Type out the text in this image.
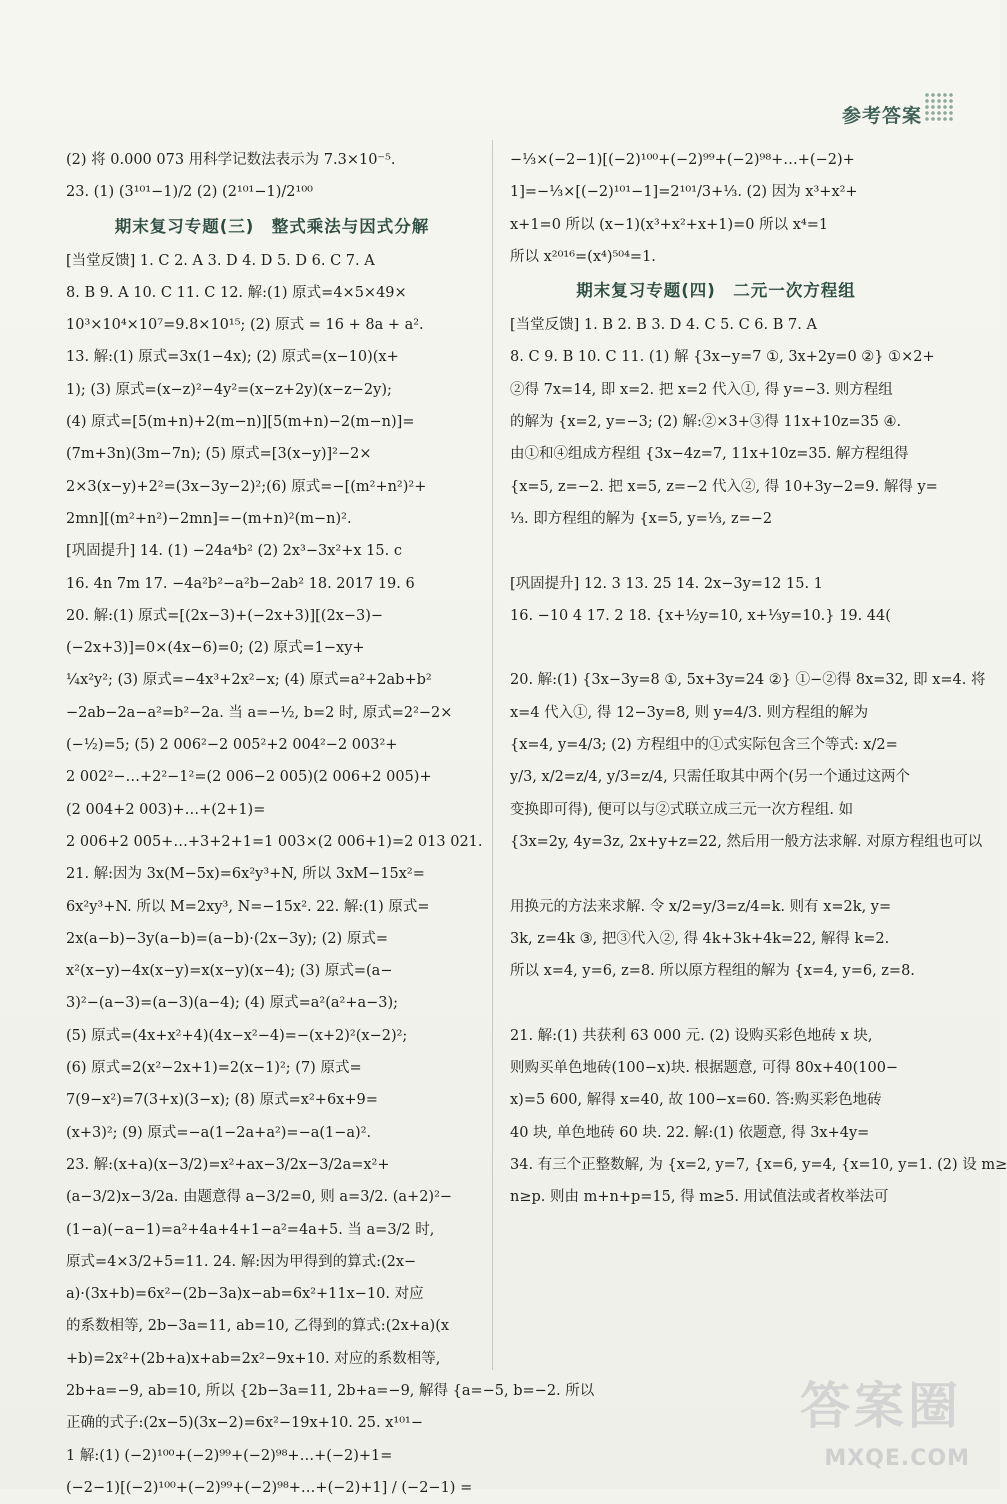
参考答案
(2) 将 0.000 073 用科学记数法表示为 7.3×10⁻⁵.
23. (1) (3¹⁰¹−1)/2 (2) (2¹⁰¹−1)/2¹⁰⁰
期末复习专题(三)　整式乘法与因式分解
[当堂反馈] 1. C 2. A 3. D 4. D 5. D 6. C 7. A
8. B 9. A 10. C 11. C 12. 解:(1) 原式=4×5×49×
10³×10⁴×10⁷=9.8×10¹⁵; (2) 原式 = 16 + 8a + a².
13. 解:(1) 原式=3x(1−4x); (2) 原式=(x−10)(x+
1); (3) 原式=(x−z)²−4y²=(x−z+2y)(x−z−2y);
(4) 原式=[5(m+n)+2(m−n)][5(m+n)−2(m−n)]=
(7m+3n)(3m−7n); (5) 原式=[3(x−y)]²−2×
2×3(x−y)+2²=(3x−3y−2)²;(6) 原式=−[(m²+n²)²+
2mn][(m²+n²)−2mn]=−(m+n)²(m−n)².
[巩固提升] 14. (1) −24a⁴b² (2) 2x³−3x²+x 15. c
16. 4n 7m 17. −4a²b²−a²b−2ab² 18. 2017 19. 6
20. 解:(1) 原式=[(2x−3)+(−2x+3)][(2x−3)−
(−2x+3)]=0×(4x−6)=0; (2) 原式=1−xy+
¼x²y²; (3) 原式=−4x³+2x²−x; (4) 原式=a²+2ab+b²
−2ab−2a−a²=b²−2a. 当 a=−½, b=2 时, 原式=2²−2×
(−½)=5; (5) 2 006²−2 005²+2 004²−2 003²+
2 002²−…+2²−1²=(2 006−2 005)(2 006+2 005)+
(2 004+2 003)+…+(2+1)=
2 006+2 005+…+3+2+1=1 003×(2 006+1)=2 013 021.
21. 解:因为 3x(M−5x)=6x²y³+N, 所以 3xM−15x²=
6x²y³+N. 所以 M=2xy³, N=−15x². 22. 解:(1) 原式=
2x(a−b)−3y(a−b)=(a−b)·(2x−3y); (2) 原式=
x²(x−y)−4x(x−y)=x(x−y)(x−4); (3) 原式=(a−
3)²−(a−3)=(a−3)(a−4); (4) 原式=a²(a²+a−3);
(5) 原式=(4x+x²+4)(4x−x²−4)=−(x+2)²(x−2)²;
(6) 原式=2(x²−2x+1)=2(x−1)²; (7) 原式=
7(9−x²)=7(3+x)(3−x); (8) 原式=x²+6x+9=
(x+3)²; (9) 原式=−a(1−2a+a²)=−a(1−a)².
23. 解:(x+a)(x−3/2)=x²+ax−3/2x−3/2a=x²+
(a−3/2)x−3/2a. 由题意得 a−3/2=0, 则 a=3/2. (a+2)²−
(1−a)(−a−1)=a²+4a+4+1−a²=4a+5. 当 a=3/2 时,
原式=4×3/2+5=11. 24. 解:因为甲得到的算式:(2x−
a)·(3x+b)=6x²−(2b−3a)x−ab=6x²+11x−10. 对应
的系数相等, 2b−3a=11, ab=10, 乙得到的算式:(2x+a)(x
+b)=2x²+(2b+a)x+ab=2x²−9x+10. 对应的系数相等,
2b+a=−9, ab=10, 所以 {2b−3a=11, 2b+a=−9, 解得 {a=−5, b=−2. 所以
正确的式子:(2x−5)(3x−2)=6x²−19x+10. 25. x¹⁰¹−
1 解:(1) (−2)¹⁰⁰+(−2)⁹⁹+(−2)⁹⁸+…+(−2)+1=
(−2−1)[(−2)¹⁰⁰+(−2)⁹⁹+(−2)⁹⁸+…+(−2)+1] / (−2−1) =
−⅓×(−2−1)[(−2)¹⁰⁰+(−2)⁹⁹+(−2)⁹⁸+…+(−2)+
1]=−⅓×[(−2)¹⁰¹−1]=2¹⁰¹/3+⅓. (2) 因为 x³+x²+
x+1=0 所以 (x−1)(x³+x²+x+1)=0 所以 x⁴=1
所以 x²⁰¹⁶=(x⁴)⁵⁰⁴=1.
期末复习专题(四)　二元一次方程组
[当堂反馈] 1. B 2. B 3. D 4. C 5. C 6. B 7. A
8. C 9. B 10. C 11. (1) 解 {3x−y=7 ①, 3x+2y=0 ②} ①×2+
②得 7x=14, 即 x=2. 把 x=2 代入①, 得 y=−3. 则方程组
的解为 {x=2, y=−3; (2) 解:②×3+③得 11x+10z=35 ④.
由①和④组成方程组 {3x−4z=7, 11x+10z=35. 解方程组得
{x=5, z=−2. 把 x=5, z=−2 代入②, 得 10+3y−2=9. 解得 y=
⅓. 即方程组的解为 {x=5, y=⅓, z=−2
[巩固提升] 12. 3 13. 25 14. 2x−3y=12 15. 1
16. −10 4 17. 2 18. {x+½y=10, x+⅓y=10.} 19. 44(
20. 解:(1) {3x−3y=8 ①, 5x+3y=24 ②} ①−②得 8x=32, 即 x=4. 将
x=4 代入①, 得 12−3y=8, 则 y=4/3. 则方程组的解为
{x=4, y=4/3; (2) 方程组中的①式实际包含三个等式: x/2=
y/3, x/2=z/4, y/3=z/4, 只需任取其中两个(另一个通过这两个
变换即可得), 便可以与②式联立成三元一次方程组. 如
{3x=2y, 4y=3z, 2x+y+z=22, 然后用一般方法求解. 对原方程组也可以
用换元的方法来求解. 令 x/2=y/3=z/4=k. 则有 x=2k, y=
3k, z=4k ③, 把③代入②, 得 4k+3k+4k=22, 解得 k=2.
所以 x=4, y=6, z=8. 所以原方程组的解为 {x=4, y=6, z=8.
21. 解:(1) 共获利 63 000 元. (2) 设购买彩色地砖 x 块,
则购买单色地砖(100−x)块. 根据题意, 可得 80x+40(100−
x)=5 600, 解得 x=40, 故 100−x=60. 答:购买彩色地砖
40 块, 单色地砖 60 块. 22. 解:(1) 依题意, 得 3x+4y=
34. 有三个正整数解, 为 {x=2, y=7, {x=6, y=4, {x=10, y=1. (2) 设 m≥
n≥p. 则由 m+n+p=15, 得 m≥5. 用试值法或者枚举法可
答案圈
MXQE.COM
